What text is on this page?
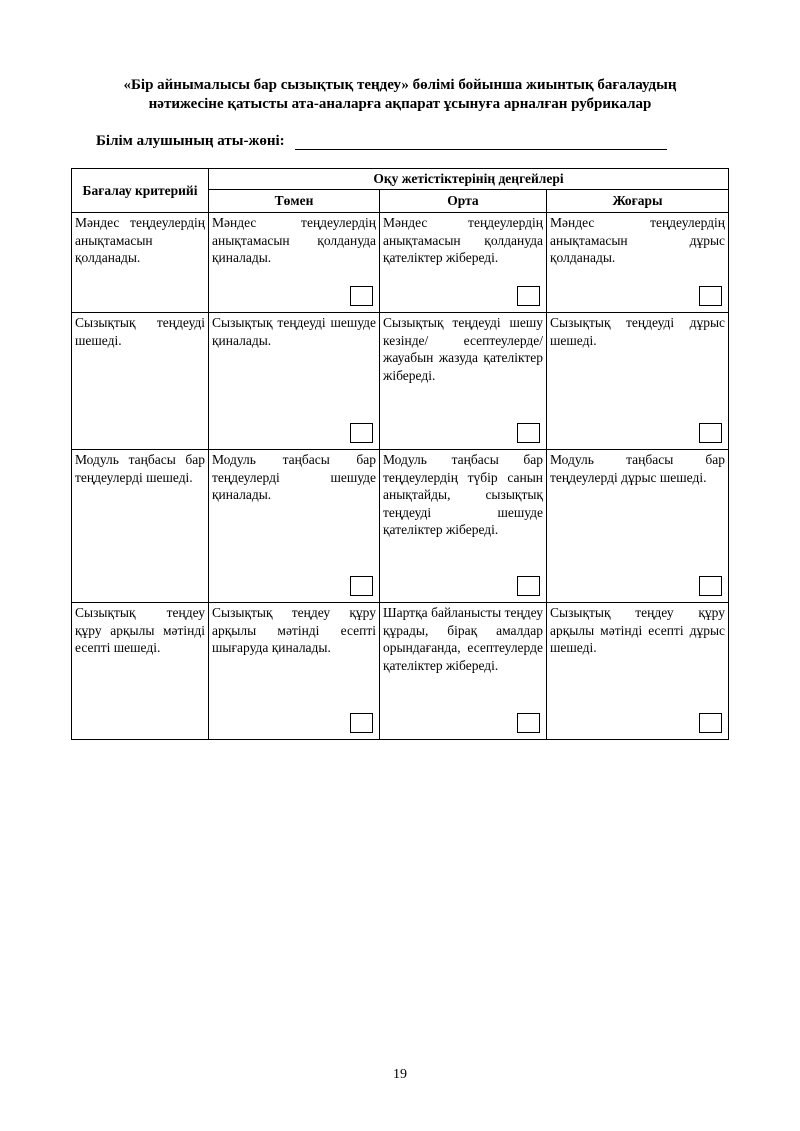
«Бір айнымалысы бар сызықтық теңдеу» бөлімі бойынша жиынтық бағалаудың
нәтижесіне қатысты ата-аналарға ақпарат ұсынуға арналған рубрикалар
Білім алушының аты-жөні:
Бағалау критерийі	Оқу жетістіктерінің деңгейлері		
	Төмен	Орта	Жоғары

Мәндес теңдеулердің анықтамасын қолданады.	Мәндес теңдеулердің анықтамасын қолдануда қиналады.	Мәндес теңдеулердің анықтамасын қолдануда қателіктер жібереді.	Мәндес теңдеулердің анықтамасын дұрыс қолданады.

Сызықтық теңдеуді шешеді.	Сызықтық теңдеуді шешуде қиналады.	Сызықтық теңдеуді шешу кезінде/ есептеулерде/ жауабын жазуда қателіктер жібереді.	Сызықтық теңдеуді дұрыс шешеді.

Модуль таңбасы бар теңдеулерді шешеді.	Модуль таңбасы бар теңдеулерді шешуде қиналады.	Модуль таңбасы бар теңдеулердің түбір санын анықтайды, сызықтық теңдеуді шешуде қателіктер жібереді.	Модуль таңбасы бар теңдеулерді дұрыс шешеді.

Сызықтық теңдеу құру арқылы мәтінді есепті шешеді.	Сызықтық теңдеу құру арқылы мәтінді есепті шығаруда қиналады.	Шартқа байланысты теңдеу құрады, бірақ амалдар орындағанда, есептеулерде қателіктер жібереді.	Сызықтық теңдеу құру арқылы мәтінді есепті дұрыс шешеді.
19
